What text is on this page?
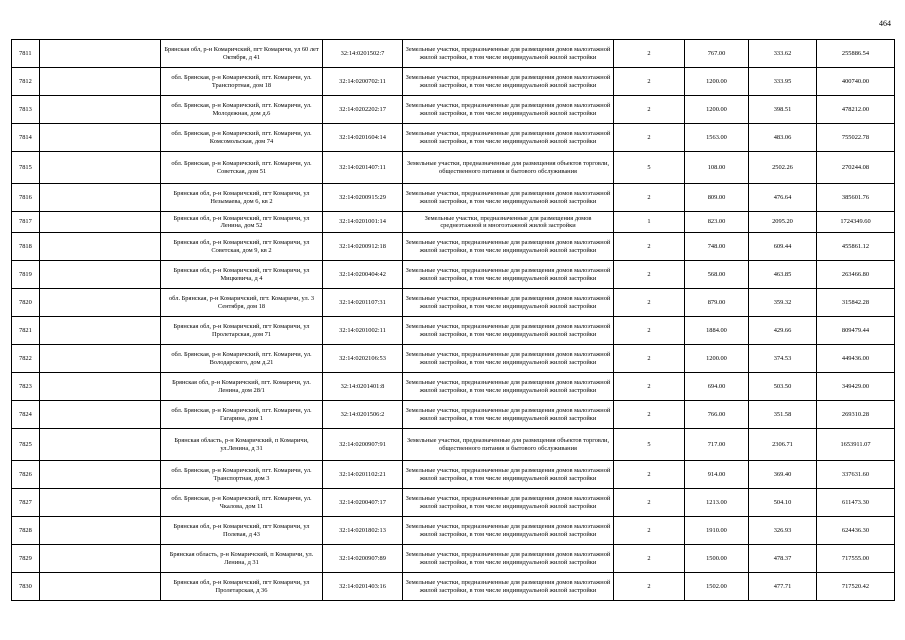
464
7811		Брянская обл, р-н Комаричский, пгт Комаричи, ул 60 лет Октября, д 41	32:14:0201502:7	Земельные участки, предназначенные для размещения домов малоэтажной жилой застройки, в том числе индивидуальной жилой застройки	2	767.00	333.62	255886.54
7812		обл. Брянская, р-н Комаричский, пгт. Комаричи, ул. Транспортная, дом 18	32:14:0200702:11	Земельные участки, предназначенные для размещения домов малоэтажной жилой застройки, в том числе индивидуальной жилой застройки	2	1200.00	333.95	400740.00
7813		обл. Брянская, р-н Комаричский, пгт. Комаричи, ул. Молодежная, дом д.6	32:14:0202202:17	Земельные участки, предназначенные для размещения домов малоэтажной жилой застройки, в том числе индивидуальной жилой застройки	2	1200.00	398.51	478212.00
7814		обл. Брянская, р-н Комаричский, пгт. Комаричи, ул. Комсомольская, дом 74	32:14:0201604:14	Земельные участки, предназначенные для размещения домов малоэтажной жилой застройки, в том числе индивидуальной жилой застройки	2	1563.00	483.06	755022.78
7815		обл. Брянская, р-н Комаричский, пгт. Комаричи, ул. Советская, дом 51	32:14:0201407:11	Земельные участки, предназначенные для размещения объектов торговли, общественного питания и бытового обслуживания	5	108.00	2502.26	270244.08
7816		Брянская обл, р-н Комаричский, пгт Комаричи, ул Незымаева, дом 6, кв 2	32:14:0200915:29	Земельные участки, предназначенные для размещения домов малоэтажной жилой застройки, в том числе индивидуальной жилой застройки	2	809.00	476.64	385601.76
7817		Брянская обл, р-н Комаричский, пгт Комаричи, ул Ленина, дом 52	32:14:0201001:14	Земельные участки, предназначенные для размещения домов среднеэтажной и многоэтажной жилой застройки	1	823.00	2095.20	1724349.60
7818		Брянская обл, р-н Комаричский, пгт Комаричи, ул Советская, дом 9, кв 2	32:14:0200912:18	Земельные участки, предназначенные для размещения домов малоэтажной жилой застройки, в том числе индивидуальной жилой застройки	2	748.00	609.44	455861.12
7819		Брянская обл, р-н Комаричский, пгт Комаричи, ул Мицкевича, д 4	32:14:0200404:42	Земельные участки, предназначенные для размещения домов малоэтажной жилой застройки, в том числе индивидуальной жилой застройки	2	568.00	463.85	263466.80
7820		обл. Брянская, р-н Комаричский, пгт. Комаричи, ул. 3 Сентября, дом 18	32:14:0201107:31	Земельные участки, предназначенные для размещения домов малоэтажной жилой застройки, в том числе индивидуальной жилой застройки	2	879.00	359.32	315842.28
7821		Брянская обл, р-н Комаричский, пгт Комаричи, ул Пролетарская, дом 71	32:14:0201002:11	Земельные участки, предназначенные для размещения домов малоэтажной жилой застройки, в том числе индивидуальной жилой застройки	2	1884.00	429.66	809479.44
7822		обл. Брянская, р-н Комаричский, пгт. Комаричи, ул. Володарского, дом д.21	32:14:0202106:53	Земельные участки, предназначенные для размещения домов малоэтажной жилой застройки, в том числе индивидуальной жилой застройки	2	1200.00	374.53	449436.00
7823		Брянская обл, р-н Комаричский, пгт. Комаричи, ул. Ленина, дом 28/1	32:14:0201401:8	Земельные участки, предназначенные для размещения домов малоэтажной жилой застройки, в том числе индивидуальной жилой застройки	2	694.00	503.50	349429.00
7824		обл. Брянская, р-н Комаричский, пгт. Комаричи, ул. Гагарина, дом 1	32:14:0201506:2	Земельные участки, предназначенные для размещения домов малоэтажной жилой застройки, в том числе индивидуальной жилой застройки	2	766.00	351.58	269310.28
7825		Брянская область, р-н Комаричский, п Комаричи, ул.Ленина, д 31	32:14:0200907:91	Земельные участки, предназначенные для размещения объектов торговли, общественного питания и бытового обслуживания	5	717.00	2306.71	1653911.07
7826		обл. Брянская, р-н Комаричский, пгт. Комаричи, ул. Транспортная, дом 3	32:14:0201102:21	Земельные участки, предназначенные для размещения домов малоэтажной жилой застройки, в том числе индивидуальной жилой застройки	2	914.00	369.40	337631.60
7827		обл. Брянская, р-н Комаричский, пгт. Комаричи, ул. Чкалова, дом 11	32:14:0200407:17	Земельные участки, предназначенные для размещения домов малоэтажной жилой застройки, в том числе индивидуальной жилой застройки	2	1213.00	504.10	611473.30
7828		Брянская обл, р-н Комаричский, пгт Комаричи, ул Полевая, д 43	32:14:0201802:13	Земельные участки, предназначенные для размещения домов малоэтажной жилой застройки, в том числе индивидуальной жилой застройки	2	1910.00	326.93	624436.30
7829		Брянская область, р-н Комаричский, п Комаричи, ул. Ленина, д 31	32:14:0200907:89	Земельные участки, предназначенные для размещения домов малоэтажной жилой застройки, в том числе индивидуальной жилой застройки	2	1500.00	478.37	717555.00
7830		Брянская обл, р-н Комаричский, пгт Комаричи, ул Пролетарская, д 36	32:14:0201403:16	Земельные участки, предназначенные для размещения домов малоэтажной жилой застройки, в том числе индивидуальной жилой застройки	2	1502.00	477.71	717520.42
